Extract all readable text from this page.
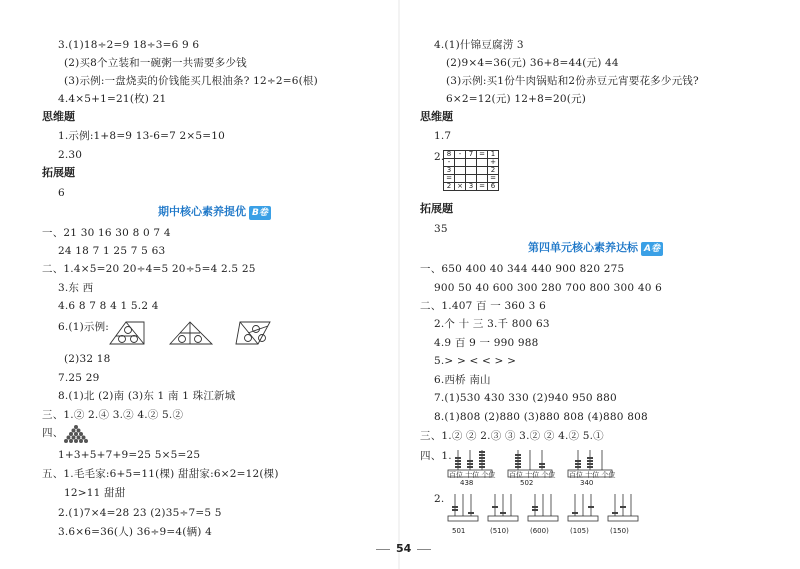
3.(1)18÷2=9 18÷3=6 9 6
(2)买8个立装和一碗粥一共需要多少钱
(3)示例:一盘烧卖的价钱能买几根油条? 12÷2=6(根)
4.4×5+1=21(枚) 21
思维题
1.示例:1+8=9 13-6=7 2×5=10
2.30
拓展题
6
期中核心素养提优 B卷
一、21 30 16 30 8 0 7 4
24 18 7 1 25 7 5 63
二、1.4×5=20 20÷4=5 20÷5=4 2.5 25
3.东 西
4.6 8 7 8 4 1 5.2 4
6.(1)示例:
(2)32 18
7.25 29
8.(1)北 (2)南 (3)东 1 南 1 珠江新城
三、1.② 2.④ 3.② 4.② 5.②
四、
1+3+5+7+9=25 5×5=25
五、1.毛毛家:6+5=11(棵) 甜甜家:6×2=12(棵)
12>11 甜甜
2.(1)7×4=28 23 (2)35÷7=5 5
3.6×6=36(人) 36÷9=4(辆) 4
4.(1)什锦豆腐涝 3
(2)9×4=36(元) 36+8=44(元) 44
(3)示例:买1份牛肉锅贴和2份赤豆元宵要花多少元钱?
6×2=12(元) 12+8=20(元)
思维题
1.7
2. 8	-	7	=	1
-				+
3				2
=				=
2	×	3	=	6
拓展题
35
第四单元核心素养达标 A卷
一、650 400 40 344 440 900 820 275
900 50 40 600 300 280 700 800 300 40 6
二、1.407 百 一 360 3 6
2.个 十 三 3.千 800 63
4.9 百 9 一 990 988
5.> > < < > >
6.西桥 南山
7.(1)530 430 330 (2)940 950 880
8.(1)808 (2)880 (3)880 808 (4)880 808
三、1.② ② 2.③ ③ 3.② ② 4.② 5.①
四、1.
百位 十位 个位 百位 十位 个位 百位 十位 个位
438	502	340
2.
501	(510)	(600)	(105)	(150)
54
